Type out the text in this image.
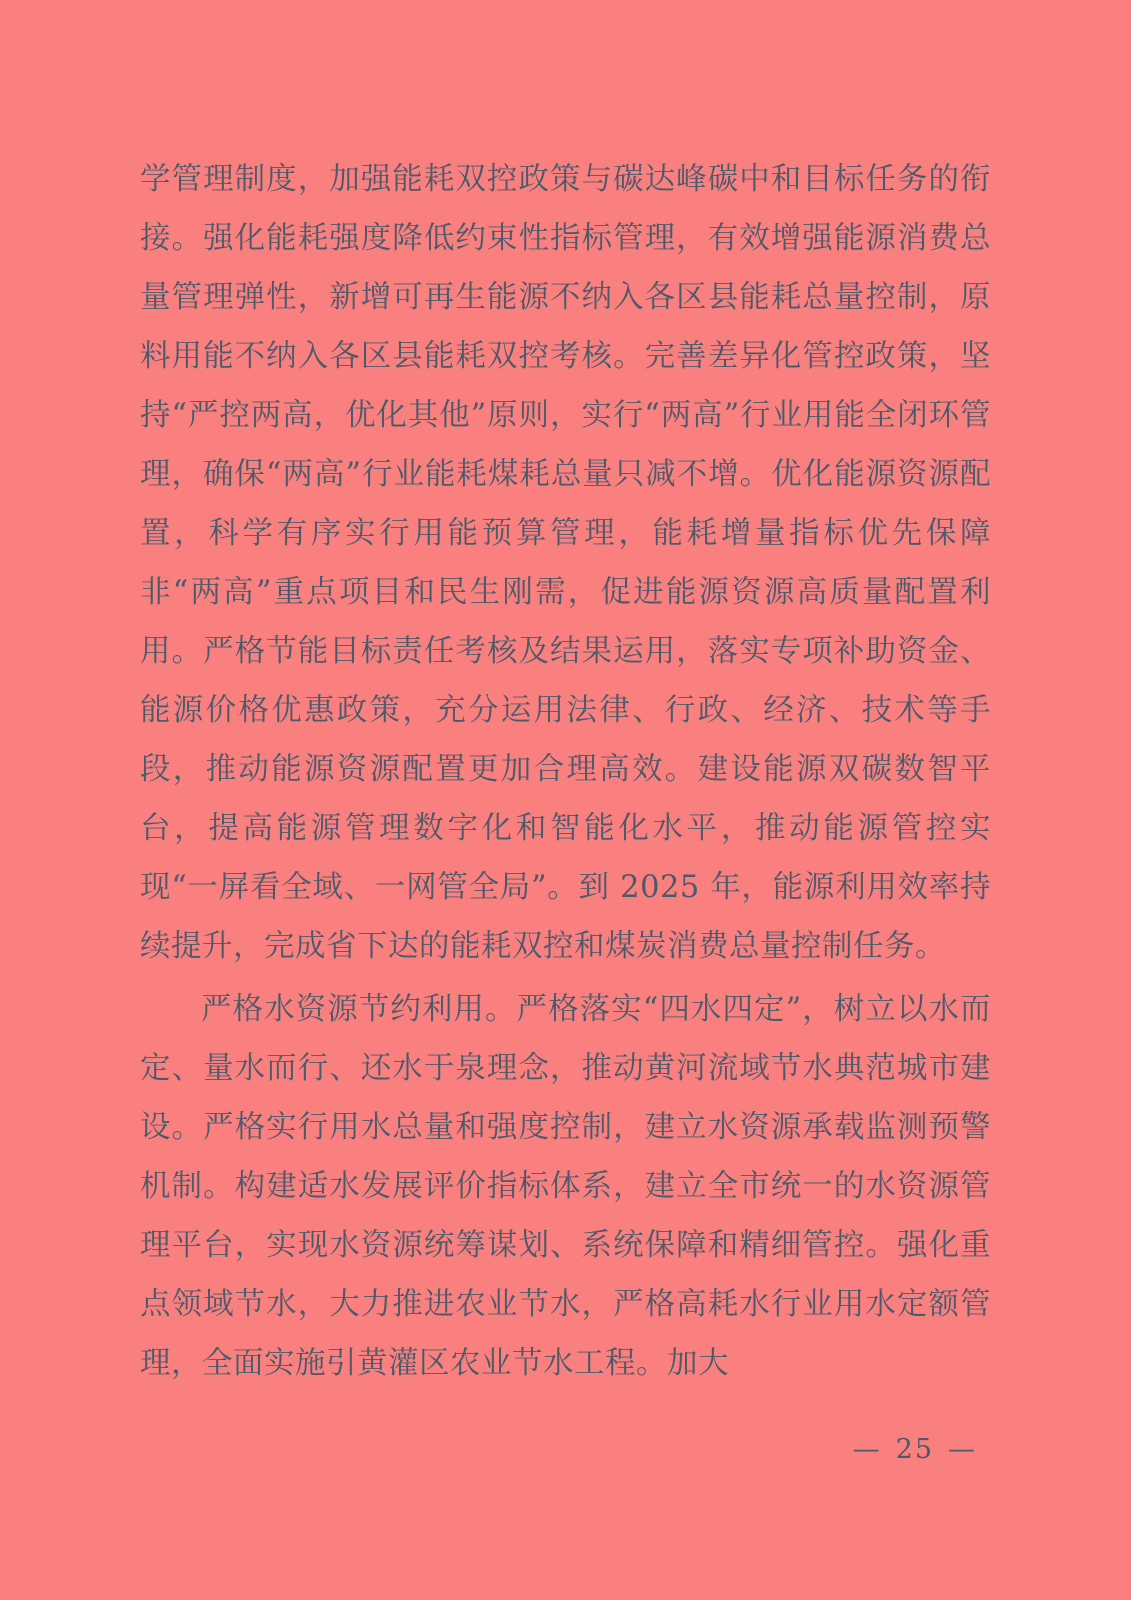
学管理制度，加强能耗双控政策与碳达峰碳中和目标任务的衔接。强化能耗强度降低约束性指标管理，有效增强能源消费总量管理弹性，新增可再生能源不纳入各区县能耗总量控制，原料用能不纳入各区县能耗双控考核。完善差异化管控政策，坚持“严控两高，优化其他”原则，实行“两高”行业用能全闭环管理，确保“两高”行业能耗煤耗总量只减不增。优化能源资源配置，科学有序实行用能预算管理，能耗增量指标优先保障非“两高”重点项目和民生刚需，促进能源资源高质量配置利用。严格节能目标责任考核及结果运用，落实专项补助资金、能源价格优惠政策，充分运用法律、行政、经济、技术等手段，推动能源资源配置更加合理高效。建设能源双碳数智平台，提高能源管理数字化和智能化水平，推动能源管控实现“一屏看全域、一网管全局”。到 2025 年，能源利用效率持续提升，完成省下达的能耗双控和煤炭消费总量控制任务。

严格水资源节约利用。严格落实“四水四定”，树立以水而定、量水而行、还水于泉理念，推动黄河流域节水典范城市建设。严格实行用水总量和强度控制，建立水资源承载监测预警机制。构建适水发展评价指标体系，建立全市统一的水资源管理平台，实现水资源统筹谋划、系统保障和精细管控。强化重点领域节水，大力推进农业节水，严格高耗水行业用水定额管理，全面实施引黄灌区农业节水工程。加大

— 25 —
